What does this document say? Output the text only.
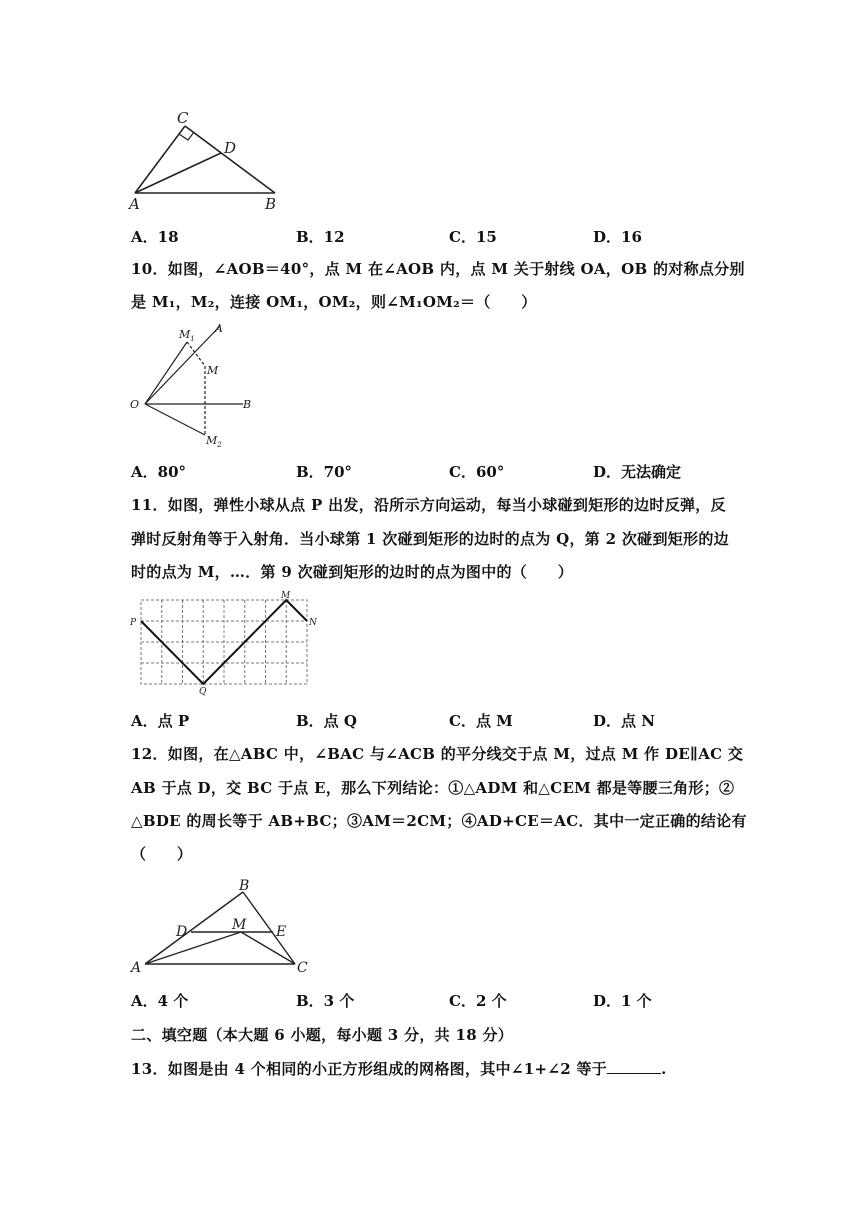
C
D
A	B
A．18	B．12	C．15	D．16
10．如图，∠AOB＝40°，点 M 在∠AOB 内，点 M 关于射线 OA，OB 的对称点分别
是 M₁，M₂，连接 OM₁，OM₂，则∠M₁OM₂＝（　　）
$M_1$
A
M
O	B
$M_2$
A．80°	B．70°	C．60°	D．无法确定
11．如图，弹性小球从点 P 出发，沿所示方向运动，每当小球碰到矩形的边时反弹，反
弹时反射角等于入射角．当小球第 1 次碰到矩形的边时的点为 Q，第 2 次碰到矩形的边
时的点为 M，…．第 9 次碰到矩形的边时的点为图中的（　　）
P
Q
M
N
A．点 P	B．点 Q	C．点 M	D．点 N
12．如图，在△ABC 中，∠BAC 与∠ACB 的平分线交于点 M，过点 M 作 DE∥AC 交
AB 于点 D，交 BC 于点 E，那么下列结论：①△ADM 和△CEM 都是等腰三角形；②
△BDE 的周长等于 AB+BC；③AM＝2CM；④AD+CE＝AC．其中一定正确的结论有
（　　）
B
D	M E
A	C
A．4 个	B．3 个	C．2 个	D．1 个
二、填空题（本大题 6 小题，每小题 3 分，共 18 分）
13．如图是由 4 个相同的小正方形组成的网格图，其中∠1+∠2 等于	.
